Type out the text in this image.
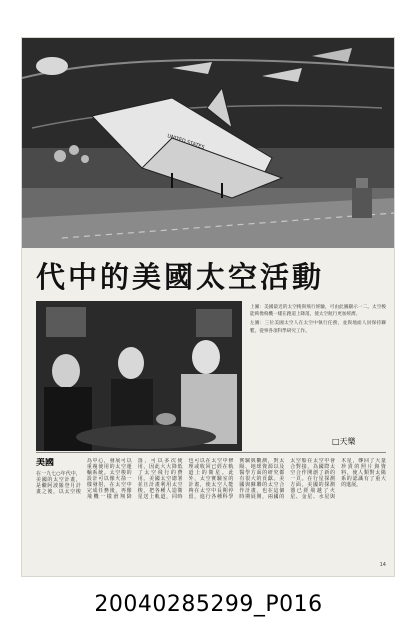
UNITED STATES
代中的美國太空活動

上圖：美國最近的太空梭與飛行經驗，可由此圖顯示一二。太空梭能夠像飛機一樣在跑道上降落，使太空航行更加經濟。

左圖：三位美國太空人在太空中執行任務，並與地面人員保持聯繫，從事各項科學研究工作。

□天樂
美國
在一九七○年代中，美國的太空計畫，是繼阿波羅登月計畫之後，以太空梭為中心，發展可以重複使用的太空運輸系統。太空梭的設計可以像火箭一樣發射，在太空中完成任務後，再像飛機一樣滑翔降落，可以多次使用，因此大大降低了太空飛行的費用。美國太空總署並且計畫利用太空梭，把各種人造衛星送上軌道，同時也可以在太空中修理或收回已經在軌道上的衛星。此外，太空實驗室的計畫，使太空人能夠在太空中長期停留，進行各種科學實驗與觀測，對太陽、地球資源以及醫學方面的研究都有很大的貢獻。美國與蘇聯的太空合作計畫，也在這個時期展開，兩國的太空船在太空中會合對接，為國際太空合作開創了新的一頁。在行星探測方面，美國的探測器已經飛越了火星、金星、水星與木星，傳回了大量珍貴的照片與資料，使人類對太陽系的認識有了重大的進展。
14
20040285299_P016
